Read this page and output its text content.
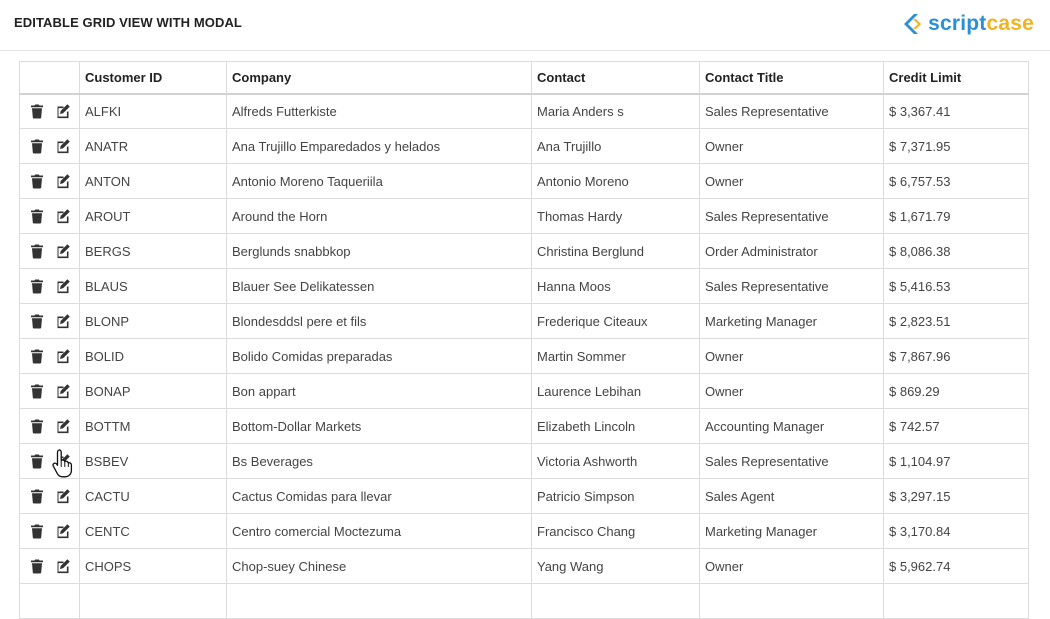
EDITABLE GRID VIEW WITH MODAL	scriptcase
	Customer ID	Company	Contact	Contact Title	Credit Limit

	ALFKI	Alfreds Futterkiste	Maria Anders s	Sales Representative	$ 3,367.41

	ANATR	Ana Trujillo Emparedados y helados	Ana Trujillo	Owner	$ 7,371.95

	ANTON	Antonio Moreno Taqueriila	Antonio Moreno	Owner	$ 6,757.53

	AROUT	Around the Horn	Thomas Hardy	Sales Representative	$ 1,671.79

	BERGS	Berglunds snabbkop	Christina Berglund	Order Administrator	$ 8,086.38

	BLAUS	Blauer See Delikatessen	Hanna Moos	Sales Representative	$ 5,416.53

	BLONP	Blondesddsl pere et fils	Frederique Citeaux	Marketing Manager	$ 2,823.51

	BOLID	Bolido Comidas preparadas	Martin Sommer	Owner	$ 7,867.96

	BONAP	Bon appart	Laurence Lebihan	Owner	$ 869.29

	BOTTM	Bottom-Dollar Markets	Elizabeth Lincoln	Accounting Manager	$ 742.57

	BSBEV	Bs Beverages	Victoria Ashworth	Sales Representative	$ 1,104.97

	CACTU	Cactus Comidas para llevar	Patricio Simpson	Sales Agent	$ 3,297.15

	CENTC	Centro comercial Moctezuma	Francisco Chang	Marketing Manager	$ 3,170.84

	CHOPS	Chop-suey Chinese	Yang Wang	Owner	$ 5,962.74
